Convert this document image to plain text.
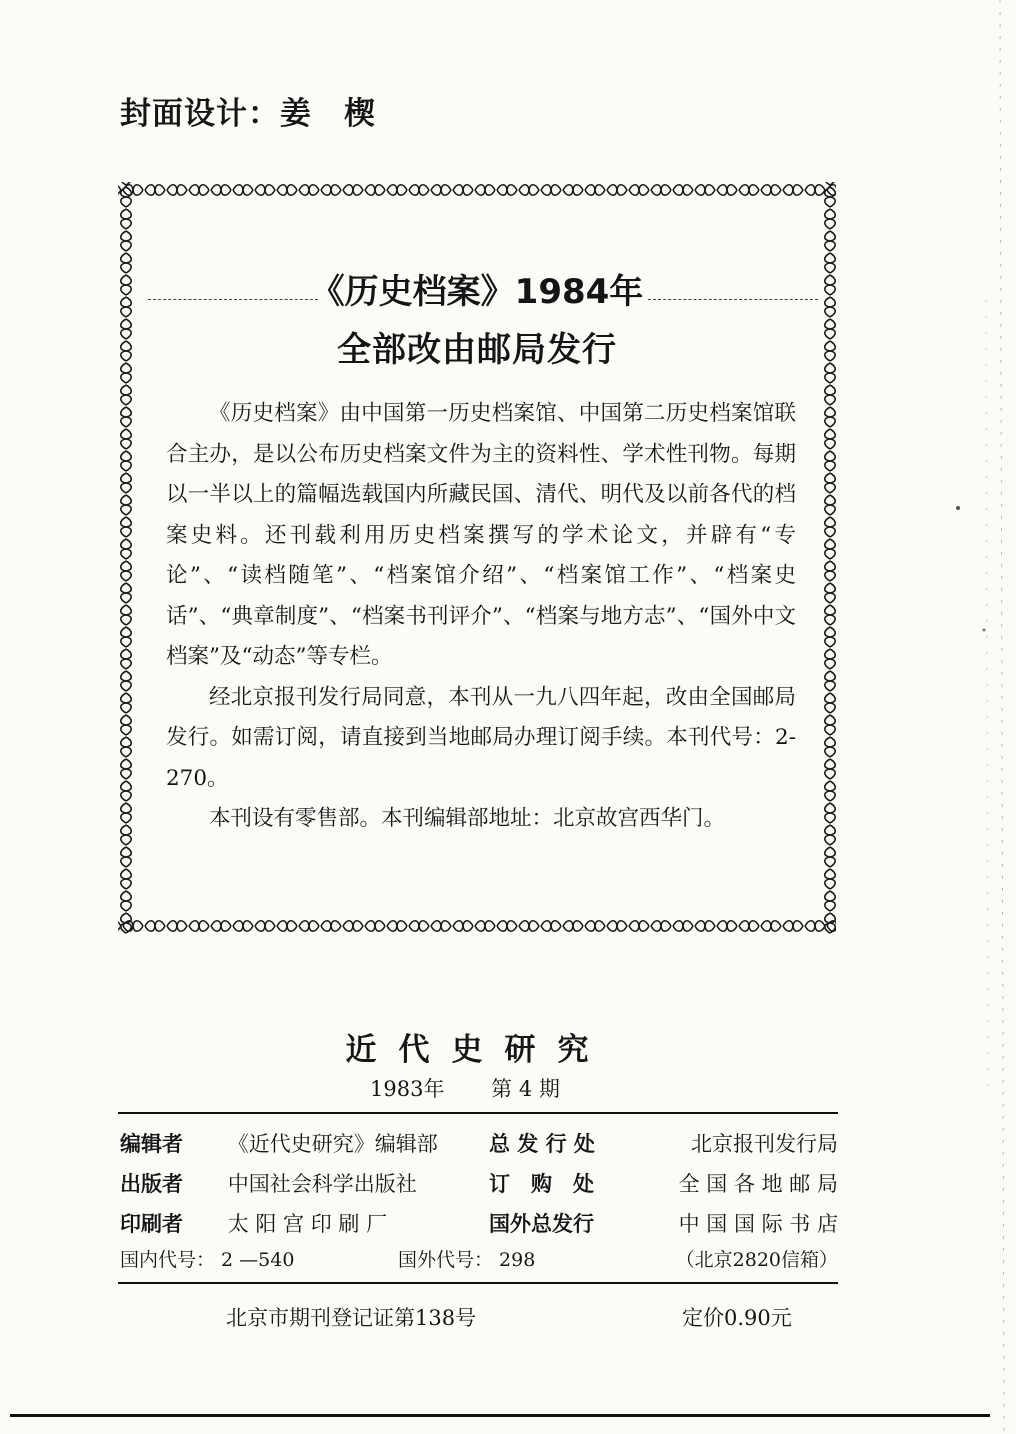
封面设计：姜　楔
《历史档案》1984年
全部改由邮局发行

《历史档案》由中国第一历史档案馆、中国第二历史档案馆联合主办，是以公布历史档案文件为主的资料性、学术性刊物。每期以一半以上的篇幅选载国内所藏民国、清代、明代及以前各代的档案史料。还刊载利用历史档案撰写的学术论文，并辟有“专论”、“读档随笔”、“档案馆介绍”、“档案馆工作”、“档案史话”、“典章制度”、“档案书刊评介”、“档案与地方志”、“国外中文档案”及“动态”等专栏。

经北京报刊发行局同意，本刊从一九八四年起，改由全国邮局发行。如需订阅，请直接到当地邮局办理订阅手续。本刊代号：2-270。

本刊设有零售部。本刊编辑部地址：北京故宫西华门。

近代史研究
1983年 第 4 期
编辑者	《近代史研究》编辑部	总 发 行 处	北京报刊发行局
出版者	中国社会科学出版社	订　购　处	全 国 各 地 邮 局
印刷者	太 阳 宫 印 刷 厂	国外总发行	中 国 国 际 书 店
国内代号： 2 —540	国外代号： 298	（北京2820信箱）
北京市期刊登记证第138号	定价0.90元
